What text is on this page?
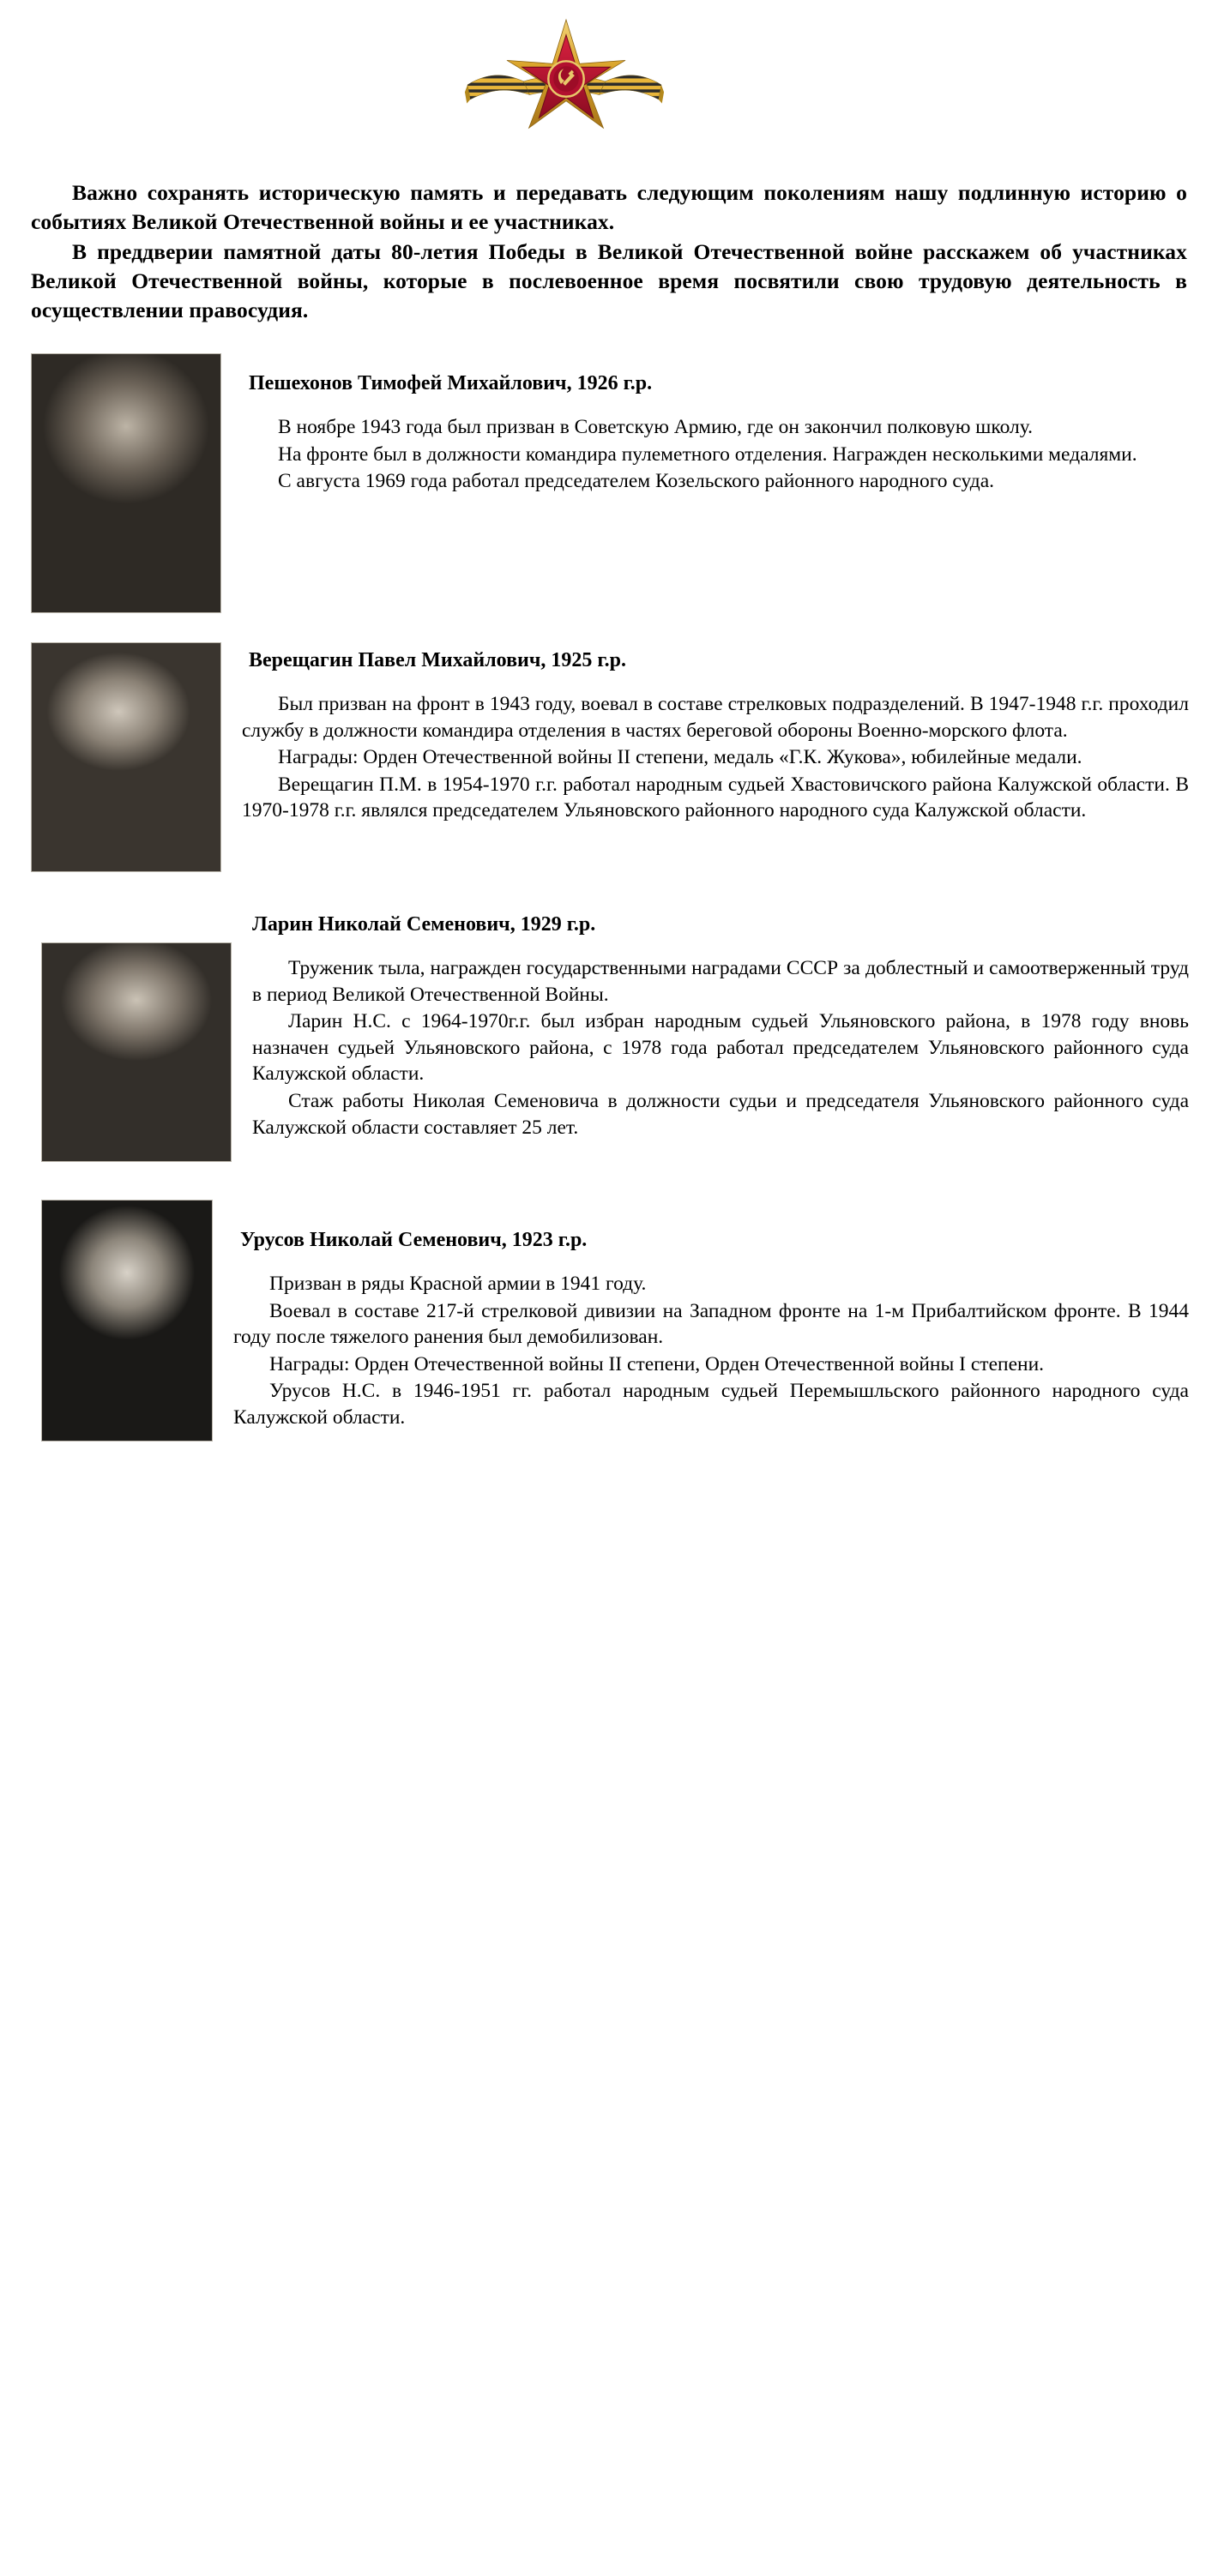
Важно сохранять историческую память и передавать следующим поколениям нашу подлинную историю о событиях Великой Отечественной войны и ее участниках.

В преддверии памятной даты 80-летия Победы в Великой Отечественной войне расскажем об участниках Великой Отечественной войны, которые в послевоенное время посвятили свою трудовую деятельность в осуществлении правосудия.

Пешехонов Тимофей Михайлович, 1926 г.р.

В ноябре 1943 года был призван в Советскую Армию, где он закончил полковую школу.

На фронте был в должности командира пулеметного отделения. Награжден несколькими медалями.

С августа 1969 года работал председателем Козельского районного народного суда.

Верещагин Павел Михайлович, 1925 г.р.

Был призван на фронт в 1943 году, воевал в составе стрелковых подразделений. В 1947-1948 г.г. проходил службу в должности командира отделения в частях береговой обороны Военно-морского флота.

Награды: Орден Отечественной войны II степени, медаль «Г.К. Жукова», юбилейные медали.

Верещагин П.М. в 1954-1970 г.г. работал народным судьей Хвастовичского района Калужской области. В 1970-1978 г.г. являлся председателем Ульяновского районного народного суда Калужской области.

Ларин Николай Семенович, 1929 г.р.

Труженик тыла, награжден государственными наградами СССР за доблестный и самоотверженный труд в период Великой Отечественной Войны.

Ларин Н.С. с 1964-1970г.г. был избран народным судьей Ульяновского района, в 1978 году вновь назначен судьей Ульяновского района, с 1978 года работал председателем Ульяновского районного суда Калужской области.

Стаж работы Николая Семеновича в должности судьи и председателя Ульяновского районного суда Калужской области составляет 25 лет.

Урусов Николай Семенович, 1923 г.р.

Призван в ряды Красной армии в 1941 году.

Воевал в составе 217-й стрелковой дивизии на Западном фронте на 1-м Прибалтийском фронте. В 1944 году после тяжелого ранения был демобилизован.

Награды: Орден Отечественной войны II степени, Орден Отечественной войны I степени.

Урусов Н.С. в 1946-1951 гг. работал народным судьей Перемышльского районного народного суда Калужской области.
